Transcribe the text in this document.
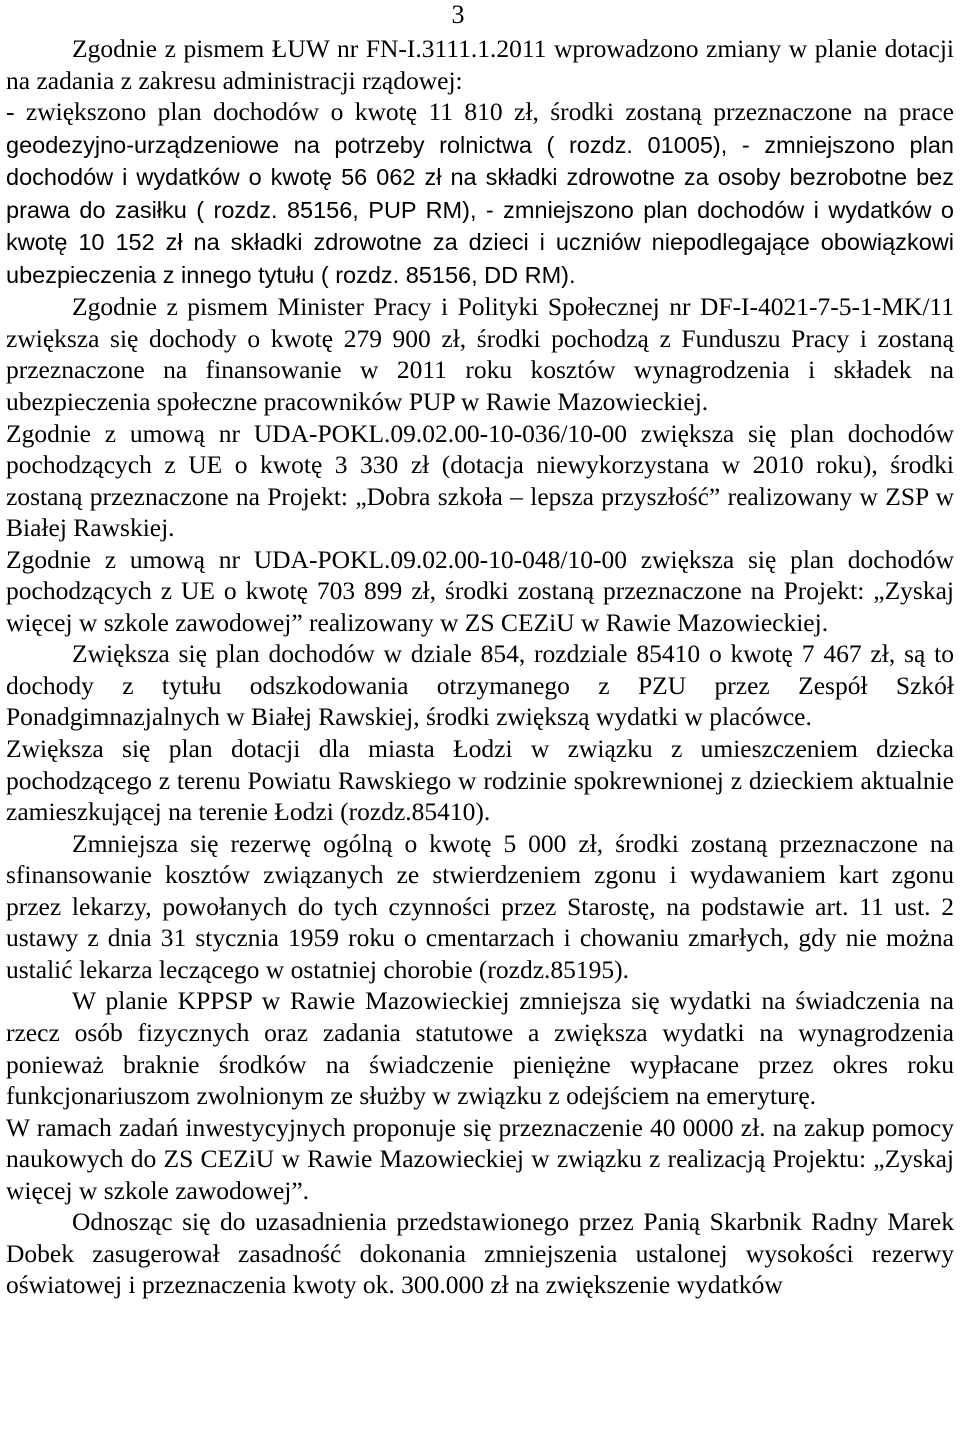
3

Zgodnie z pismem ŁUW nr FN-I.3111.1.2011 wprowadzono zmiany w planie dotacji na zadania z zakresu administracji rządowej:
- zwiększono plan dochodów o kwotę 11 810 zł, środki zostaną przeznaczone na prace geodezyjno-urządzeniowe na potrzeby rolnictwa ( rozdz. 01005), - zmniejszono plan dochodów i wydatków o kwotę 56 062 zł na składki zdrowotne za osoby bezrobotne bez prawa do zasiłku ( rozdz. 85156, PUP RM), - zmniejszono plan dochodów i wydatków o kwotę 10 152 zł na składki zdrowotne za dzieci i uczniów niepodlegające obowiązkowi ubezpieczenia z innego tytułu ( rozdz. 85156, DD RM).

Zgodnie z pismem Minister Pracy i Polityki Społecznej nr DF-I-4021-7-5-1-MK/11 zwiększa się dochody o kwotę 279 900 zł, środki pochodzą z Funduszu Pracy i zostaną przeznaczone na finansowanie w 2011 roku kosztów wynagrodzenia i składek na ubezpieczenia społeczne pracowników PUP w Rawie Mazowieckiej.

Zgodnie z umową nr UDA-POKL.09.02.00-10-036/10-00 zwiększa się plan dochodów pochodzących z UE o kwotę 3 330 zł (dotacja niewykorzystana w 2010 roku), środki zostaną przeznaczone na Projekt: „Dobra szkoła – lepsza przyszłość” realizowany w ZSP w Białej Rawskiej.

Zgodnie z umową nr UDA-POKL.09.02.00-10-048/10-00 zwiększa się plan dochodów pochodzących z UE o kwotę 703 899 zł, środki zostaną przeznaczone na Projekt: „Zyskaj więcej w szkole zawodowej” realizowany w ZS CEZiU w Rawie Mazowieckiej.

Zwiększa się plan dochodów w dziale 854, rozdziale 85410 o kwotę 7 467 zł, są to dochody z tytułu odszkodowania otrzymanego z PZU przez Zespół Szkół Ponadgimnazjalnych w Białej Rawskiej, środki zwiększą wydatki w placówce.

Zwiększa się plan dotacji dla miasta Łodzi w związku z umieszczeniem dziecka pochodzącego z terenu Powiatu Rawskiego w rodzinie spokrewnionej z dzieckiem aktualnie zamieszkującej na terenie Łodzi (rozdz.85410).

Zmniejsza się rezerwę ogólną o kwotę 5 000 zł, środki zostaną przeznaczone na sfinansowanie kosztów związanych ze stwierdzeniem zgonu i wydawaniem kart zgonu przez lekarzy, powołanych do tych czynności przez Starostę, na podstawie art. 11 ust. 2 ustawy z dnia 31 stycznia 1959 roku o cmentarzach i chowaniu zmarłych, gdy nie można ustalić lekarza leczącego w ostatniej chorobie (rozdz.85195).

W planie KPPSP w Rawie Mazowieckiej zmniejsza się wydatki na świadczenia na rzecz osób fizycznych oraz zadania statutowe a zwiększa wydatki na wynagrodzenia ponieważ braknie środków na świadczenie pieniężne wypłacane przez okres roku funkcjonariuszom zwolnionym ze służby w związku z odejściem na emeryturę.

W ramach zadań inwestycyjnych proponuje się przeznaczenie 40 0000 zł. na zakup pomocy naukowych do ZS CEZiU w Rawie Mazowieckiej w związku z realizacją Projektu: „Zyskaj więcej w szkole zawodowej”.

Odnosząc się do uzasadnienia przedstawionego przez Panią Skarbnik Radny Marek Dobek zasugerował zasadność dokonania zmniejszenia ustalonej wysokości rezerwy oświatowej i przeznaczenia kwoty ok. 300.000 zł na zwiększenie wydatków
